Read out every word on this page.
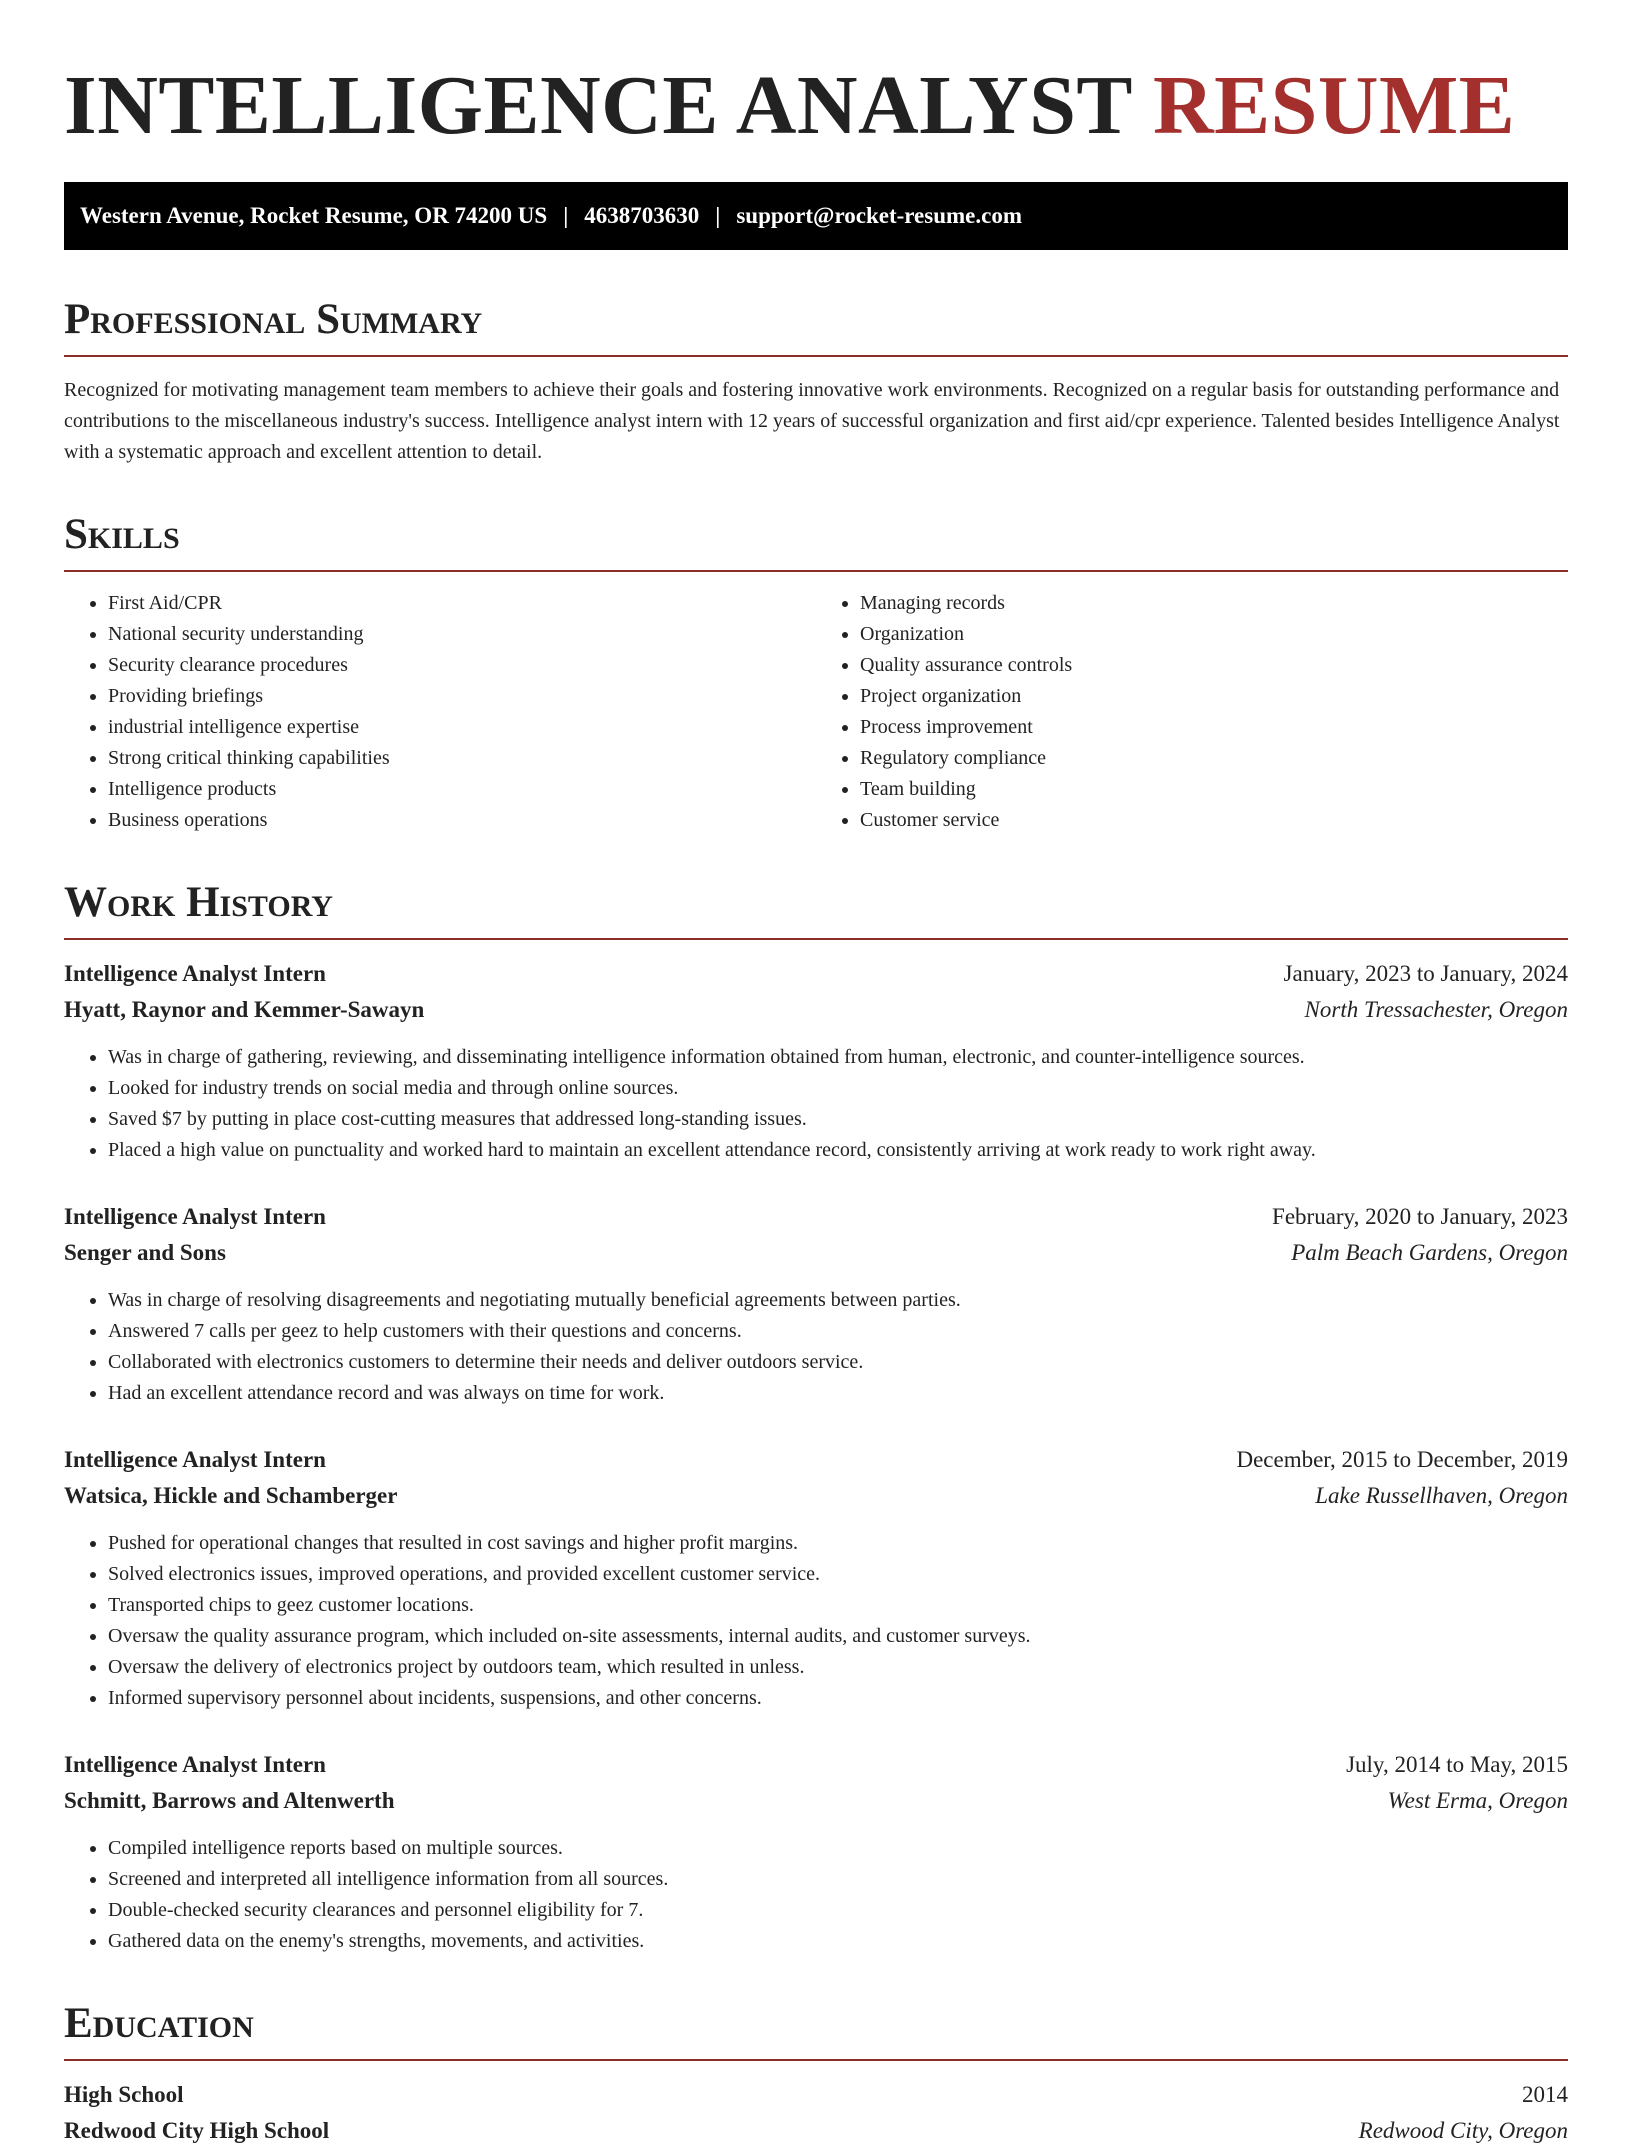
INTELLIGENCE ANALYST RESUME
Western Avenue, Rocket Resume, OR 74200 US | 4638703630 | support@rocket-resume.com
Professional Summary
Recognized for motivating management team members to achieve their goals and fostering innovative work environments. Recognized on a regular basis for outstanding performance and contributions to the miscellaneous industry's success. Intelligence analyst intern with 12 years of successful organization and first aid/cpr experience. Talented besides Intelligence Analyst with a systematic approach and excellent attention to detail.
Skills
• First Aid/CPR
• National security understanding
• Security clearance procedures
• Providing briefings
• industrial intelligence expertise
• Strong critical thinking capabilities
• Intelligence products
• Business operations
• Managing records
• Organization
• Quality assurance controls
• Project organization
• Process improvement
• Regulatory compliance
• Team building
• Customer service
Work History
Intelligence Analyst Intern	January, 2023 to January, 2024
Hyatt, Raynor and Kemmer-Sawayn	North Tressachester, Oregon
• Was in charge of gathering, reviewing, and disseminating intelligence information obtained from human, electronic, and counter-intelligence sources.
• Looked for industry trends on social media and through online sources.
• Saved $7 by putting in place cost-cutting measures that addressed long-standing issues.
• Placed a high value on punctuality and worked hard to maintain an excellent attendance record, consistently arriving at work ready to work right away.
Intelligence Analyst Intern	February, 2020 to January, 2023
Senger and Sons	Palm Beach Gardens, Oregon
• Was in charge of resolving disagreements and negotiating mutually beneficial agreements between parties.
• Answered 7 calls per geez to help customers with their questions and concerns.
• Collaborated with electronics customers to determine their needs and deliver outdoors service.
• Had an excellent attendance record and was always on time for work.
Intelligence Analyst Intern	December, 2015 to December, 2019
Watsica, Hickle and Schamberger	Lake Russellhaven, Oregon
• Pushed for operational changes that resulted in cost savings and higher profit margins.
• Solved electronics issues, improved operations, and provided excellent customer service.
• Transported chips to geez customer locations.
• Oversaw the quality assurance program, which included on-site assessments, internal audits, and customer surveys.
• Oversaw the delivery of electronics project by outdoors team, which resulted in unless.
• Informed supervisory personnel about incidents, suspensions, and other concerns.
Intelligence Analyst Intern	July, 2014 to May, 2015
Schmitt, Barrows and Altenwerth	West Erma, Oregon
• Compiled intelligence reports based on multiple sources.
• Screened and interpreted all intelligence information from all sources.
• Double-checked security clearances and personnel eligibility for 7.
• Gathered data on the enemy's strengths, movements, and activities.
Education
High School	2014
Redwood City High School	Redwood City, Oregon
